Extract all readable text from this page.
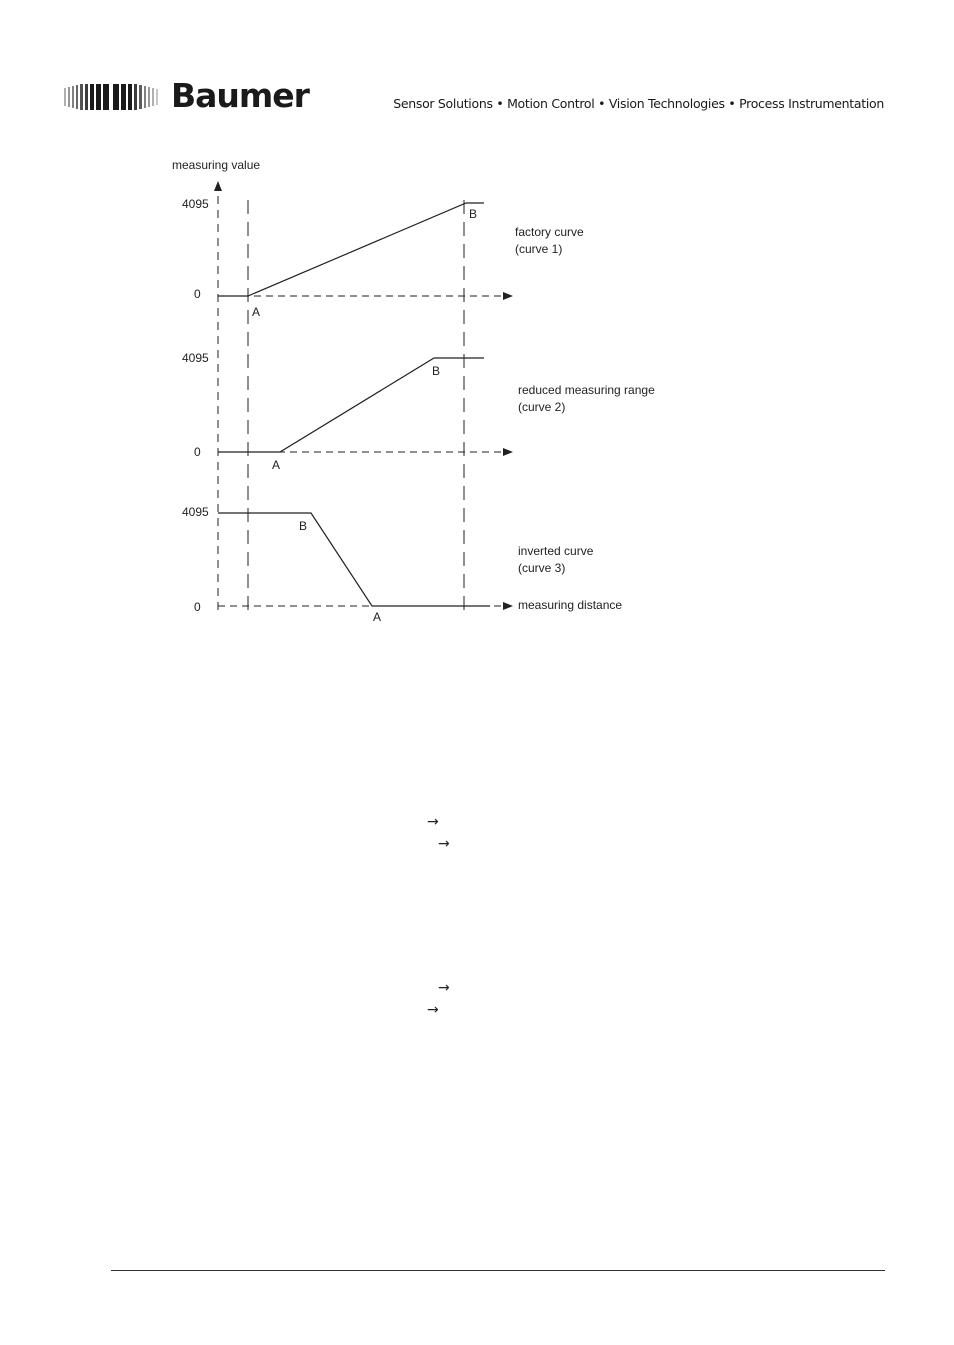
Baumer	Sensor Solutions • Motion Control • Vision Technologies • Process Instrumentation
measuring value
4095
0
A
B
factory curve
(curve 1)
4095
0
A
B
reduced measuring range
(curve 2)
4095
0
B
A
inverted curve
(curve 3)
measuring distance
→
→
→
→
